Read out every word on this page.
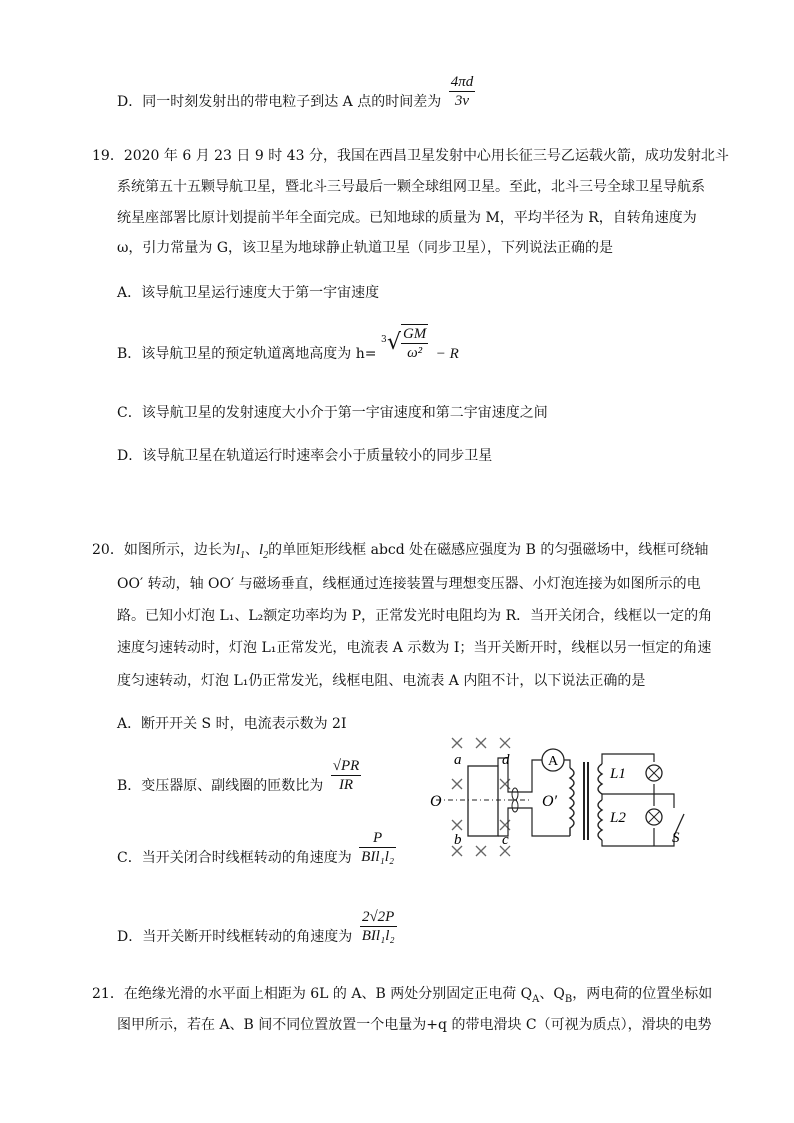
D．同一时刻发射出的带电粒子到达 A 点的时间差为 $\frac{4\pi d}{3v}$
19．2020 年 6 月 23 日 9 时 43 分，我国在西昌卫星发射中心用长征三号乙运载火箭，成功发射北斗
系统第五十五颗导航卫星，暨北斗三号最后一颗全球组网卫星。至此，北斗三号全球卫星导航系
统星座部署比原计划提前半年全面完成。已知地球的质量为 M，平均半径为 R，自转角速度为
ω，引力常量为 G，该卫星为地球静止轨道卫星（同步卫星），下列说法正确的是
A．该导航卫星运行速度大于第一宇宙速度
B．该导航卫星的预定轨道离地高度为 h=
3 √ $\frac{GM}{\text{ω²}} - R$
C．该导航卫星的发射速度大小介于第一宇宙速度和第二宇宙速度之间
D．该导航卫星在轨道运行时速率会小于质量较小的同步卫星
20．如图所示，边长为$l_1$、$l_2$的单匝矩形线框 abcd 处在磁感应强度为 B 的匀强磁场中，线框可绕轴
OO′ 转动，轴 OO′ 与磁场垂直，线框通过连接装置与理想变压器、小灯泡连接为如图所示的电
路。已知小灯泡 L₁、L₂额定功率均为 P，正常发光时电阻均为 R．当开关闭合，线框以一定的角
速度匀速转动时，灯泡 L₁正常发光，电流表 A 示数为 I；当开关断开时，线框以另一恒定的角速
度匀速转动，灯泡 L₁仍正常发光，线框电阻、电流表 A 内阻不计，以下说法正确的是
A．断开开关 S 时，电流表示数为 2I
B．变压器原、副线圈的匝数比为 $\frac{√PR}{IR}$
C．当开关闭合时线框转动的角速度为 $\frac{P}{\text{BIl₁l₂}}$
D．当开关断开时线框转动的角速度为 $\frac{2√2P}{\text{BIl₁l₂}}$
A
a	d
b	c
O	O′
L1
L2
S
21．在绝缘光滑的水平面上相距为 6L 的 A、B 两处分别固定正电荷 $Q_A$、$Q_B$，两电荷的位置坐标如
图甲所示，若在 A、B 间不同位置放置一个电量为+q 的带电滑块 C（可视为质点），滑块的电势
